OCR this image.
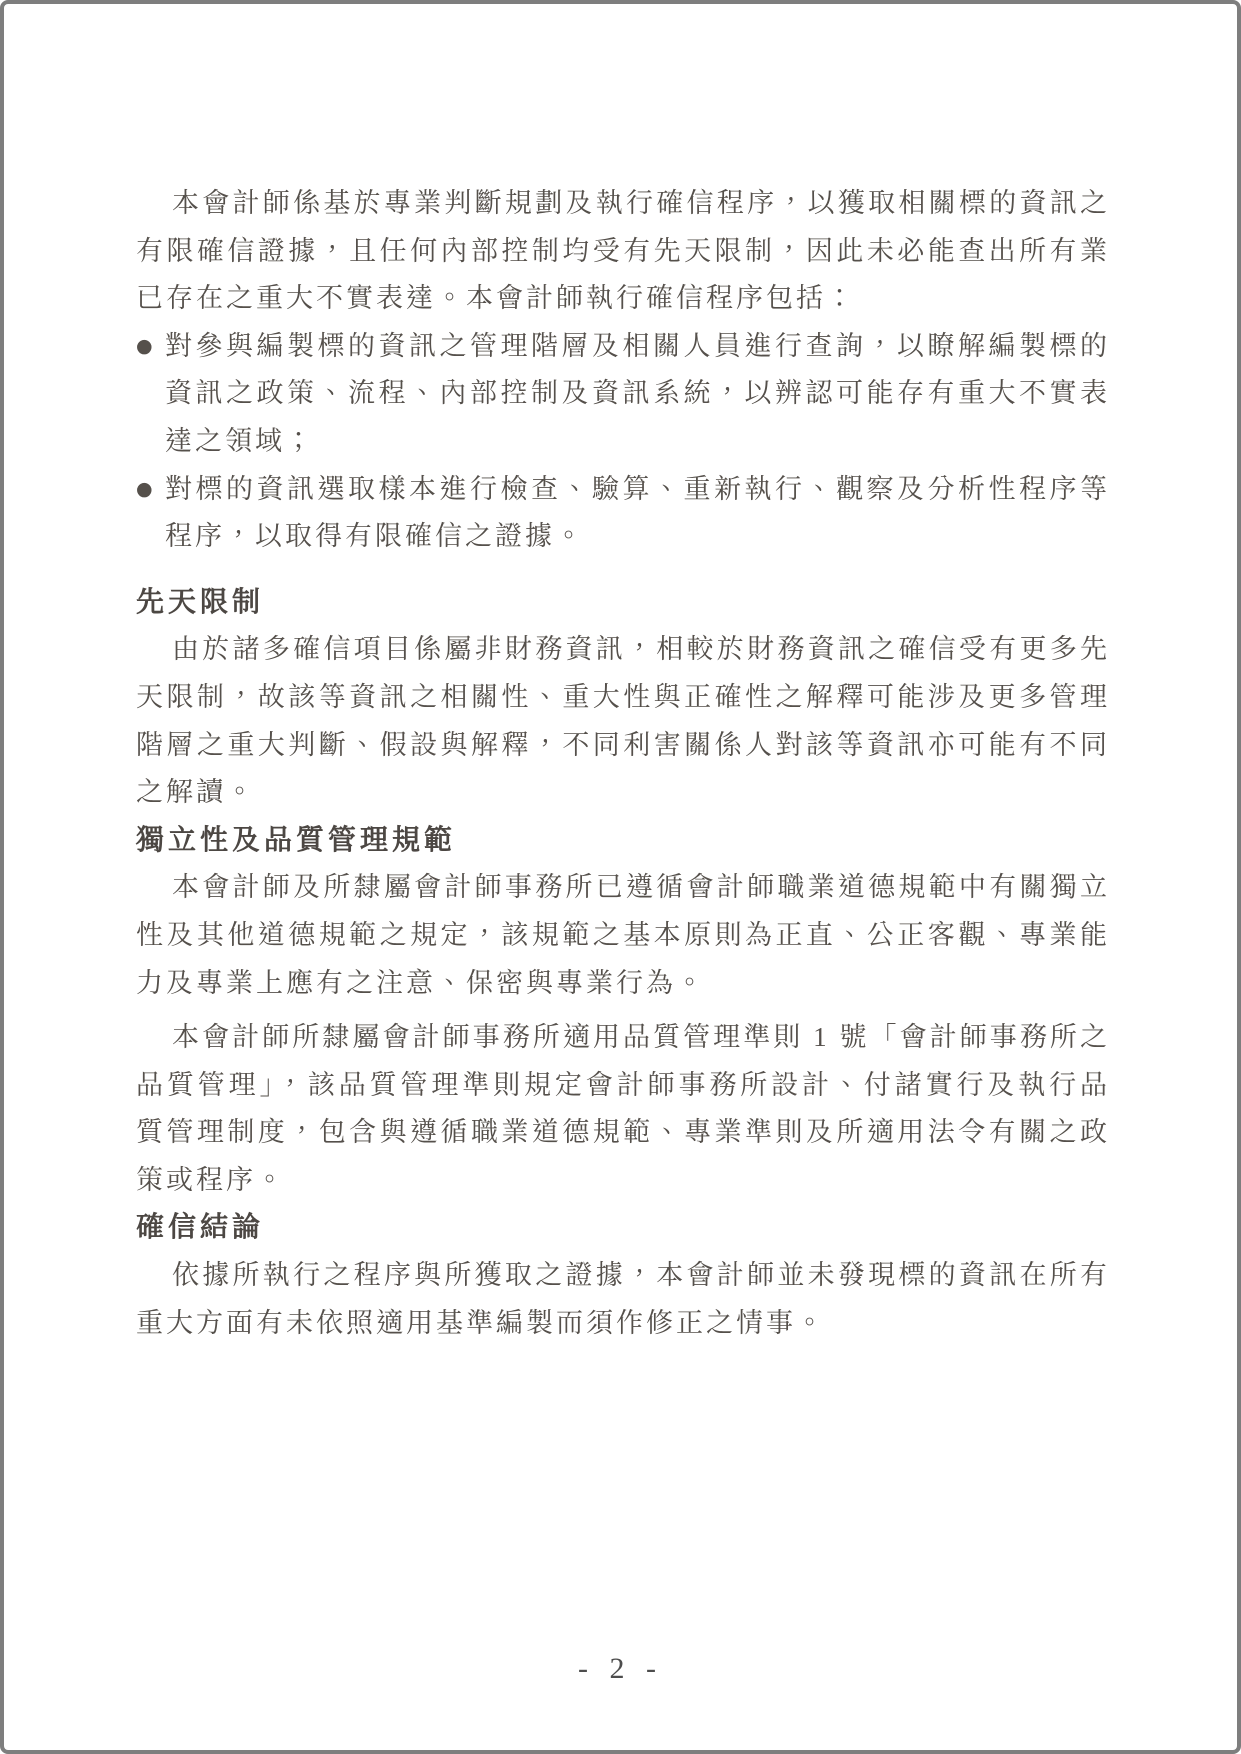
本會計師係基於專業判斷規劃及執行確信程序，以獲取相關標的資訊之有限確信證據，且任何內部控制均受有先天限制，因此未必能查出所有業已存在之重大不實表達。本會計師執行確信程序包括：

● 對參與編製標的資訊之管理階層及相關人員進行查詢，以瞭解編製標的資訊之政策、流程、內部控制及資訊系統，以辨認可能存有重大不實表達之領域；
● 對標的資訊選取樣本進行檢查、驗算、重新執行、觀察及分析性程序等程序，以取得有限確信之證據。
先天限制

由於諸多確信項目係屬非財務資訊，相較於財務資訊之確信受有更多先天限制，故該等資訊之相關性、重大性與正確性之解釋可能涉及更多管理階層之重大判斷、假設與解釋，不同利害關係人對該等資訊亦可能有不同之解讀。

獨立性及品質管理規範

本會計師及所隸屬會計師事務所已遵循會計師職業道德規範中有關獨立性及其他道德規範之規定，該規範之基本原則為正直、公正客觀、專業能力及專業上應有之注意、保密與專業行為。

本會計師所隸屬會計師事務所適用品質管理準則 1 號「會計師事務所之品質管理」，該品質管理準則規定會計師事務所設計、付諸實行及執行品質管理制度，包含與遵循職業道德規範、專業準則及所適用法令有關之政策或程序。

確信結論

依據所執行之程序與所獲取之證據，本會計師並未發現標的資訊在所有重大方面有未依照適用基準編製而須作修正之情事。

- 2 -
